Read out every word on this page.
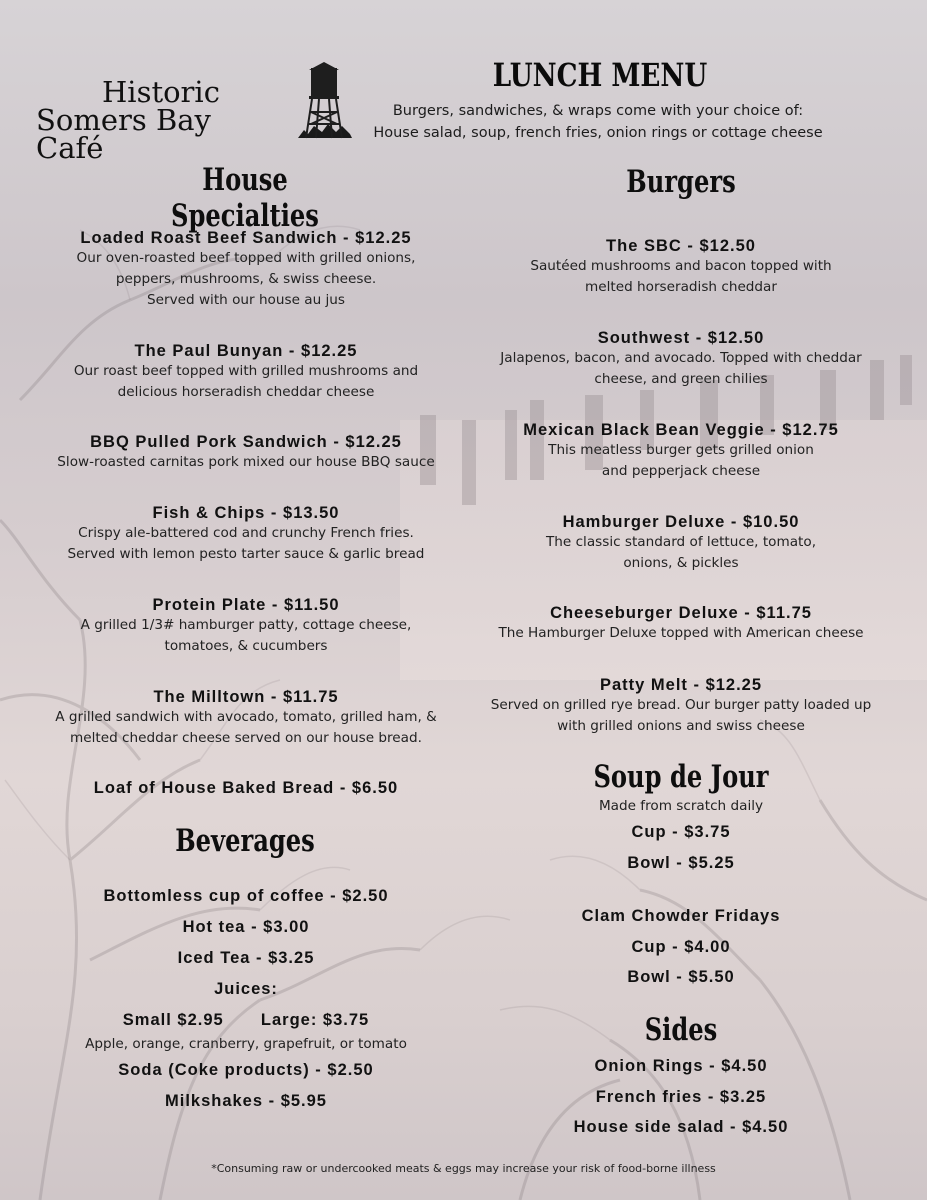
Historic
Somers Bay Café
LUNCH MENU
Burgers, sandwiches, & wraps come with your choice of:
House salad, soup, french fries, onion rings or cottage cheese
House Specialties
Loaded Roast Beef Sandwich - $12.25
Our oven-roasted beef topped with grilled onions,
peppers, mushrooms, & swiss cheese.
Served with our house au jus
The Paul Bunyan - $12.25
Our roast beef topped with grilled mushrooms and
delicious horseradish cheddar cheese
BBQ Pulled Pork Sandwich - $12.25
Slow-roasted carnitas pork mixed our house BBQ sauce
Fish & Chips - $13.50
Crispy ale-battered cod and crunchy French fries.
Served with lemon pesto tarter sauce & garlic bread
Protein Plate - $11.50
A grilled 1/3# hamburger patty, cottage cheese,
tomatoes, & cucumbers
The Milltown - $11.75
A grilled sandwich with avocado, tomato, grilled ham, &
melted cheddar cheese served on our house bread.
Loaf of House Baked Bread - $6.50
Beverages
Bottomless cup of coffee - $2.50
Hot tea - $3.00
Iced Tea - $3.25
Juices:
Small $2.95 Large: $3.75
Apple, orange, cranberry, grapefruit, or tomato
Soda (Coke products) - $2.50
Milkshakes - $5.95
Burgers
The SBC - $12.50
Sautéed mushrooms and bacon topped with
melted horseradish cheddar
Southwest - $12.50
Jalapenos, bacon, and avocado. Topped with cheddar
cheese, and green chilies
Mexican Black Bean Veggie - $12.75
This meatless burger gets grilled onion
and pepperjack cheese
Hamburger Deluxe - $10.50
The classic standard of lettuce, tomato,
onions, & pickles
Cheeseburger Deluxe - $11.75
The Hamburger Deluxe topped with American cheese
Patty Melt - $12.25
Served on grilled rye bread. Our burger patty loaded up
with grilled onions and swiss cheese
Soup de Jour
Made from scratch daily
Cup - $3.75
Bowl - $5.25
Clam Chowder Fridays
Cup - $4.00
Bowl - $5.50
Sides
Onion Rings - $4.50
French fries - $3.25
House side salad - $4.50
*Consuming raw or undercooked meats & eggs may increase your risk of food-borne illness
